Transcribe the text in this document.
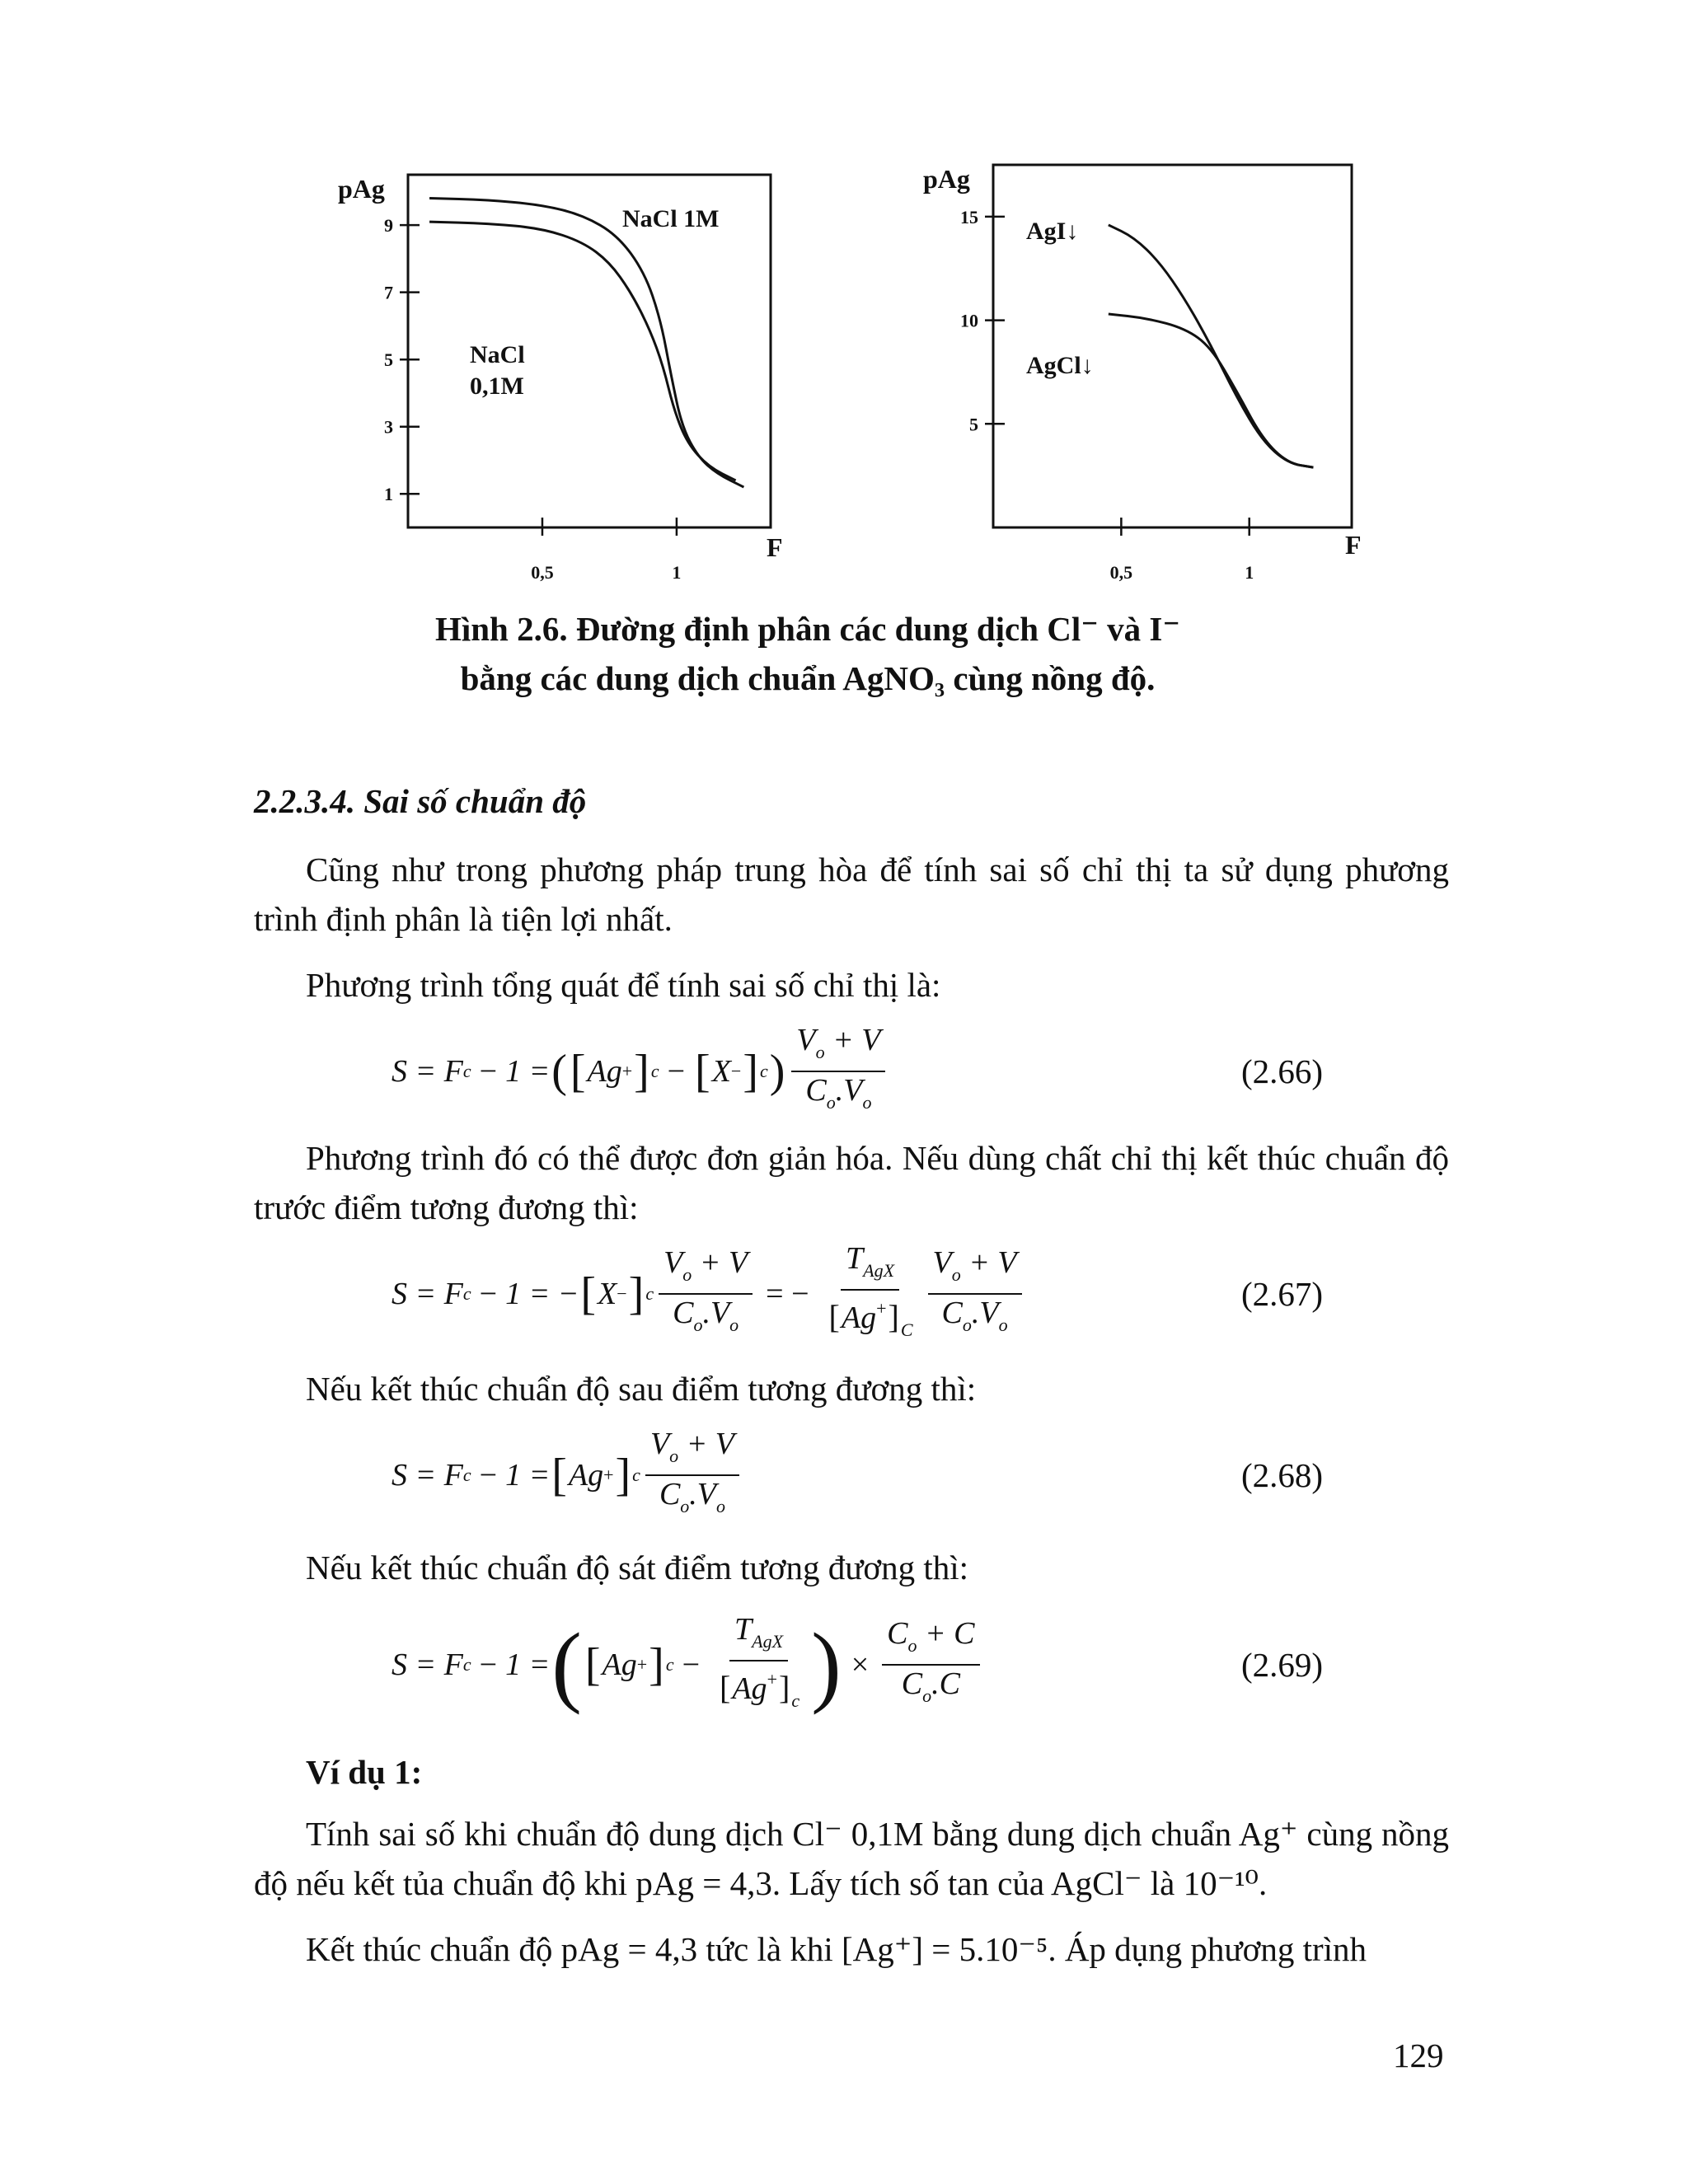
9
7
5
3
1
0,5	1
pAg
F
NaCl 1M
NaCl
0,1M
15
10
5
0,5	1
pAg
F
AgI↓
AgCl↓
Hình 2.6. Đường định phân các dung dịch Cl⁻ và I⁻
bằng các dung dịch chuẩn AgNO₃ cùng nồng độ.
2.2.3.4. Sai số chuẩn độ
Cũng như trong phương pháp trung hòa để tính sai số chỉ thị ta sử dụng phương trình định phân là tiện lợi nhất.
Phương trình tổng quát để tính sai số chỉ thị là:
S = F c − 1 = ( [ Ag + ] c − [ X − ] c ) $\frac{V_o + V}{C_o.V_o}$	(2.66)
Phương trình đó có thể được đơn giản hóa. Nếu dùng chất chỉ thị kết thúc chuẩn độ trước điểm tương đương thì:
S = F c − 1 = − [ X − ] c $\frac{V_o + V}{C_o.V_o}$ = − $\frac{T_{AgX}}{[Ag^+]_C} \frac{V_o + V}{C_o.V_o}$	(2.67)
Nếu kết thúc chuẩn độ sau điểm tương đương thì:
S = F c − 1 = [ Ag + ] c $\frac{V_o + V}{C_o.V_o}$	(2.68)
Nếu kết thúc chuẩn độ sát điểm tương đương thì:
S = F c − 1 = ( [ Ag + ] $c - \frac{T_{AgX}}{[Ag^+]_c}$ ) × $\frac{C_o + C}{C_o.C}$	(2.69)
Ví dụ 1:
Tính sai số khi chuẩn độ dung dịch Cl⁻ 0,1M bằng dung dịch chuẩn Ag⁺ cùng nồng độ nếu kết tủa chuẩn độ khi pAg = 4,3. Lấy tích số tan của AgCl⁻ là 10⁻¹⁰.
Kết thúc chuẩn độ pAg = 4,3 tức là khi [Ag⁺] = 5.10⁻⁵. Áp dụng phương trình
129
